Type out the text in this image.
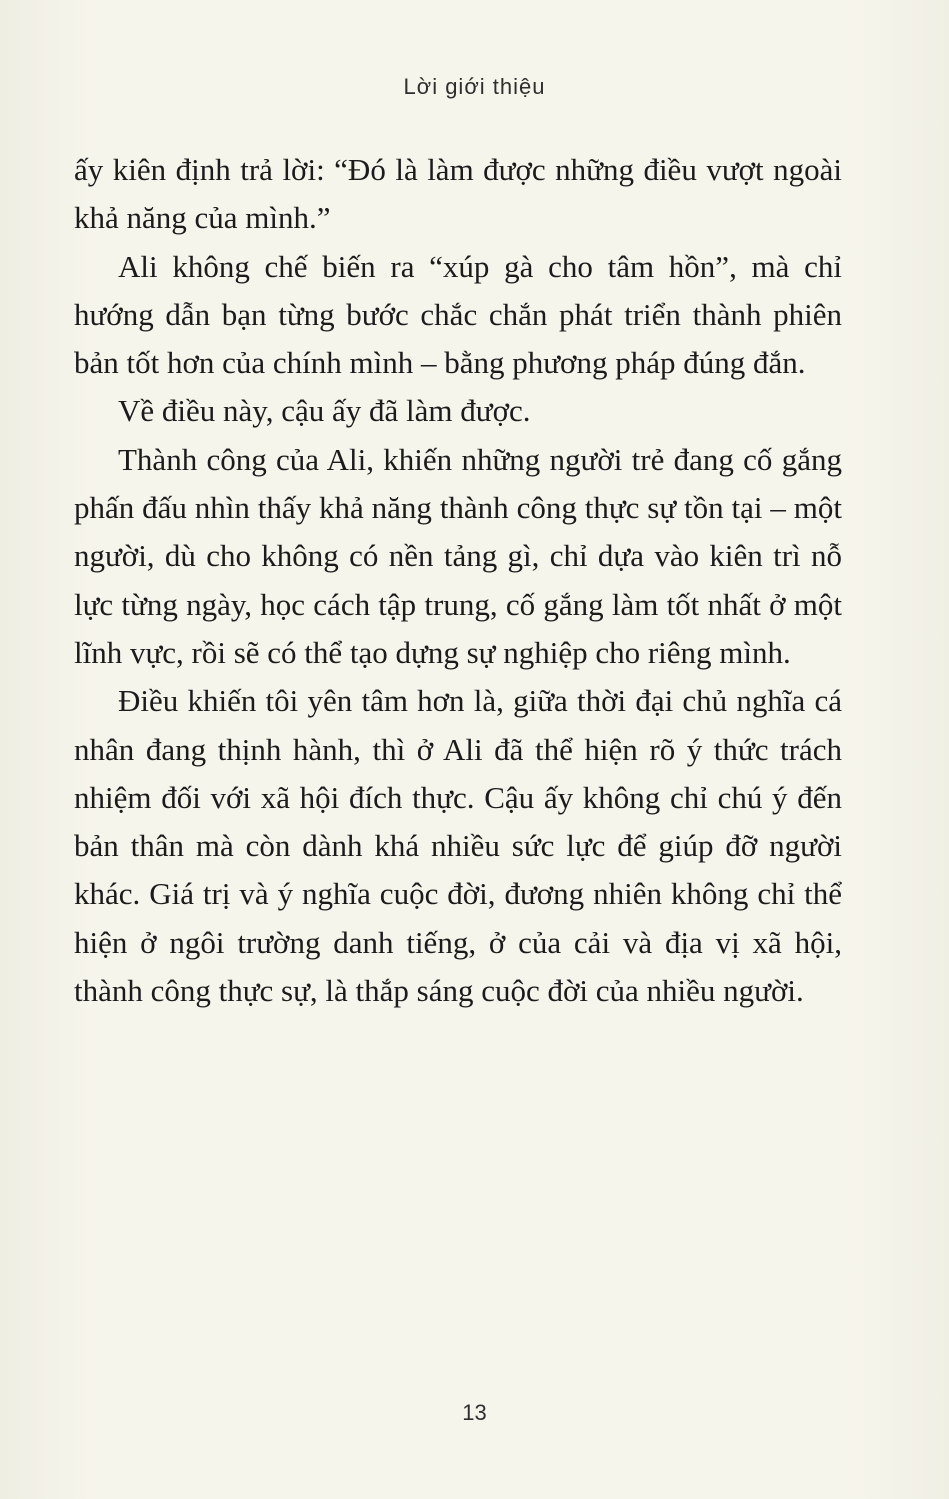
Lời giới thiệu

ấy kiên định trả lời: “Đó là làm được những điều vượt ngoài khả năng của mình.”

Ali không chế biến ra “xúp gà cho tâm hồn”, mà chỉ hướng dẫn bạn từng bước chắc chắn phát triển thành phiên bản tốt hơn của chính mình – bằng phương pháp đúng đắn.

Về điều này, cậu ấy đã làm được.

Thành công của Ali, khiến những người trẻ đang cố gắng phấn đấu nhìn thấy khả năng thành công thực sự tồn tại – một người, dù cho không có nền tảng gì, chỉ dựa vào kiên trì nỗ lực từng ngày, học cách tập trung, cố gắng làm tốt nhất ở một lĩnh vực, rồi sẽ có thể tạo dựng sự nghiệp cho riêng mình.

Điều khiến tôi yên tâm hơn là, giữa thời đại chủ nghĩa cá nhân đang thịnh hành, thì ở Ali đã thể hiện rõ ý thức trách nhiệm đối với xã hội đích thực. Cậu ấy không chỉ chú ý đến bản thân mà còn dành khá nhiều sức lực để giúp đỡ người khác. Giá trị và ý nghĩa cuộc đời, đương nhiên không chỉ thể hiện ở ngôi trường danh tiếng, ở của cải và địa vị xã hội, thành công thực sự, là thắp sáng cuộc đời của nhiều người.

13
